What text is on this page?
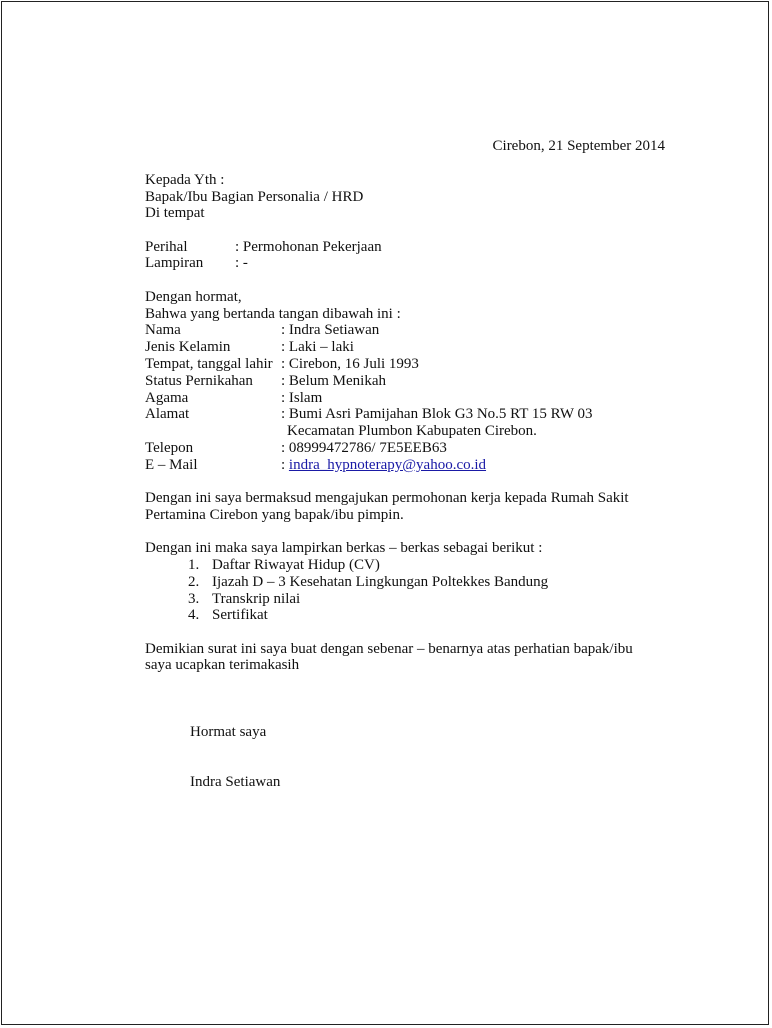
Cirebon, 21 September 2014

Kepada Yth :
Bapak/Ibu Bagian Personalia / HRD
Di tempat
Perihal	: Permohonan Pekerjaan
Lampiran	: -
Dengan hormat,
Bahwa yang bertanda tangan dibawah ini :
Nama	: Indra Setiawan
Jenis Kelamin	: Laki – laki
Tempat, tanggal lahir : Cirebon, 16 Juli 1993
Status Pernikahan	: Belum Menikah
Agama	: Islam
Alamat	: Bumi Asri Pamijahan Blok G3 No.5 RT 15 RW 03
Kecamatan Plumbon Kabupaten Cirebon.
Telepon	: 08999472786/ 7E5EEB63
E – Mail	: indra_hypnoterapy@yahoo.co.id
Dengan ini saya bermaksud mengajukan permohonan kerja kepada Rumah Sakit
Pertamina Cirebon yang bapak/ibu pimpin.
Dengan ini maka saya lampirkan berkas – berkas sebagai berikut :
1. Daftar Riwayat Hidup (CV)
2. Ijazah D – 3 Kesehatan Lingkungan Poltekkes Bandung
3. Transkrip nilai
4. Sertifikat
Demikian surat ini saya buat dengan sebenar – benarnya atas perhatian bapak/ibu
saya ucapkan terimakasih
Hormat saya
Indra Setiawan
